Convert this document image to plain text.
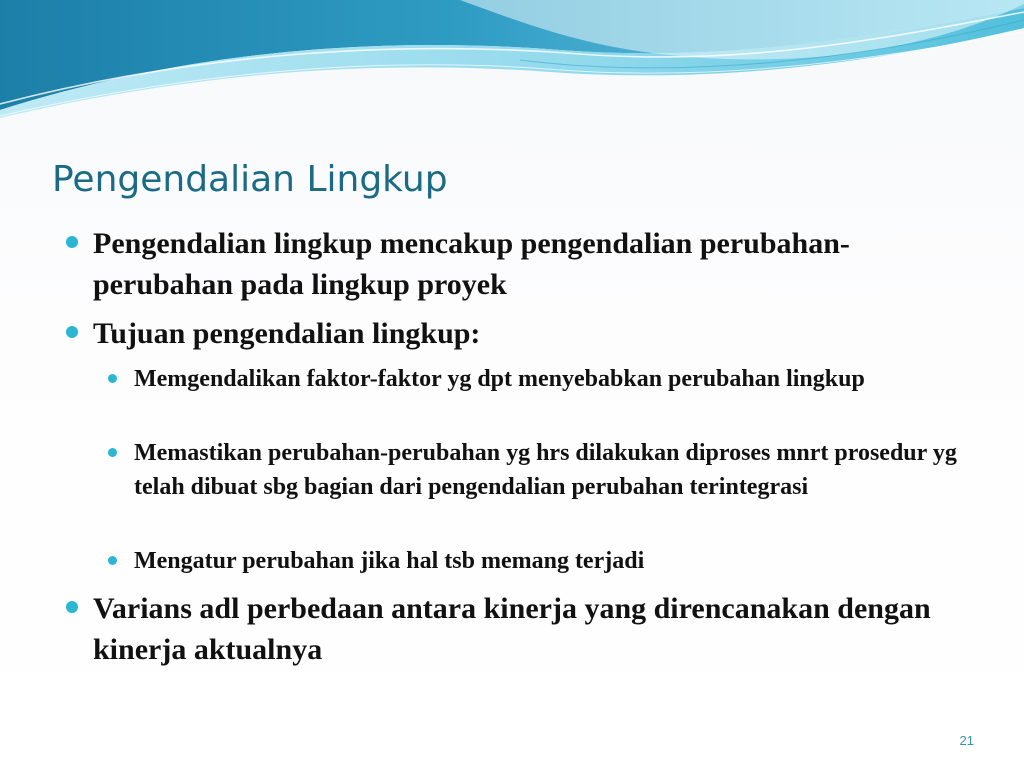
Pengendalian Lingkup
Pengendalian lingkup mencakup pengendalian perubahan-perubahan pada lingkup proyek
Tujuan pengendalian lingkup:
Memgendalikan faktor-faktor yg dpt menyebabkan perubahan lingkup
Memastikan perubahan-perubahan yg hrs dilakukan diproses mnrt prosedur yg telah dibuat sbg bagian dari pengendalian perubahan terintegrasi
Mengatur perubahan jika hal tsb memang terjadi
Varians adl perbedaan antara kinerja yang direncanakan dengan kinerja aktualnya
21
